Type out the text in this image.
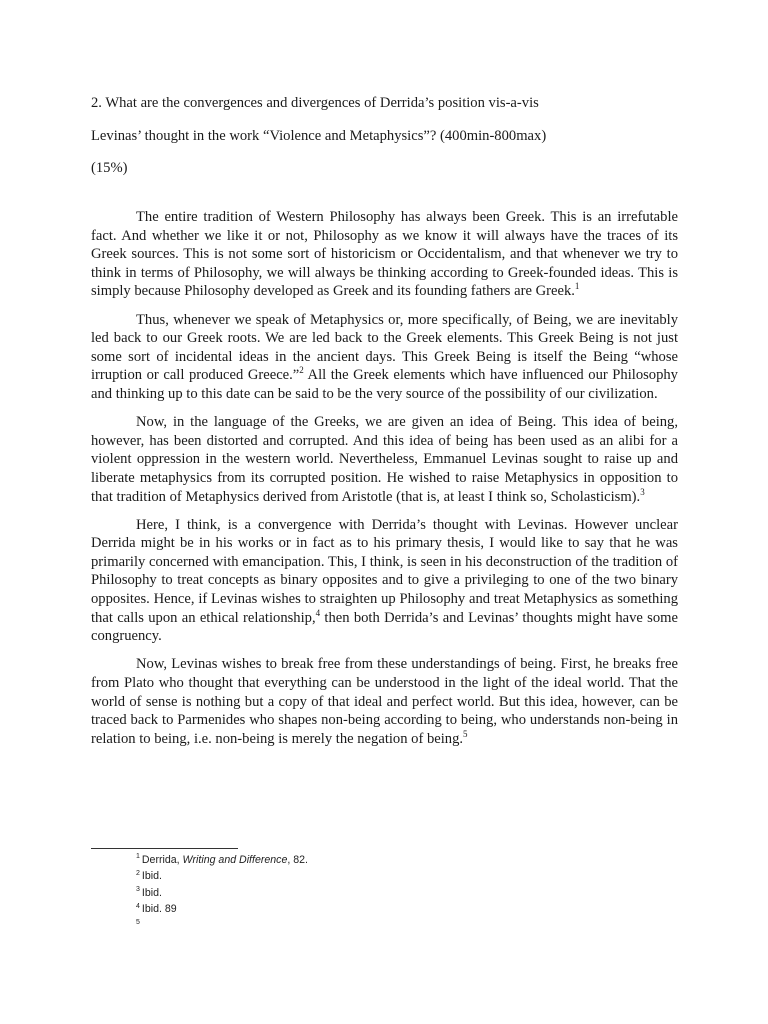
2. What are the convergences and divergences of Derrida’s position vis-a-vis
Levinas’ thought in the work “Violence and Metaphysics”? (400min-800max)
(15%)

The entire tradition of Western Philosophy has always been Greek. This is an irrefutable fact. And whether we like it or not, Philosophy as we know it will always have the traces of its Greek sources. This is not some sort of historicism or Occidentalism, and that whenever we try to think in terms of Philosophy, we will always be thinking according to Greek-founded ideas. This is simply because Philosophy developed as Greek and its founding fathers are Greek.$^1$

Thus, whenever we speak of Metaphysics or, more specifically, of Being, we are inevitably led back to our Greek roots. We are led back to the Greek elements. This Greek Being is not just some sort of incidental ideas in the ancient days. This Greek Being is itself the Being “whose irruption or call produced Greece.”$^2$ All the Greek elements which have influenced our Philosophy and thinking up to this date can be said to be the very source of the possibility of our civilization.

Now, in the language of the Greeks, we are given an idea of Being. This idea of being, however, has been distorted and corrupted. And this idea of being has been used as an alibi for a violent oppression in the western world. Nevertheless, Emmanuel Levinas sought to raise up and liberate metaphysics from its corrupted position. He wished to raise Metaphysics in opposition to that tradition of Metaphysics derived from Aristotle (that is, at least I think so, Scholasticism).$^3$

Here, I think, is a convergence with Derrida’s thought with Levinas. However unclear Derrida might be in his works or in fact as to his primary thesis, I would like to say that he was primarily concerned with emancipation. This, I think, is seen in his deconstruction of the tradition of Philosophy to treat concepts as binary opposites and to give a privileging to one of the two binary opposites. Hence, if Levinas wishes to straighten up Philosophy and treat Metaphysics as something that calls upon an ethical relationship,$^4$ then both Derrida’s and Levinas’ thoughts might have some congruency.

Now, Levinas wishes to break free from these understandings of being. First, he breaks free from Plato who thought that everything can be understood in the light of the ideal world. That the world of sense is nothing but a copy of that ideal and perfect world. But this idea, however, can be traced back to Parmenides who shapes non-being according to being, who understands non-being in relation to being, i.e. non-being is merely the negation of being.$^5$

$^1$ Derrida, Writing and Difference, 82.
$^2$ Ibid.
$^3$ Ibid.
$^4$ Ibid. 89
$^5$
